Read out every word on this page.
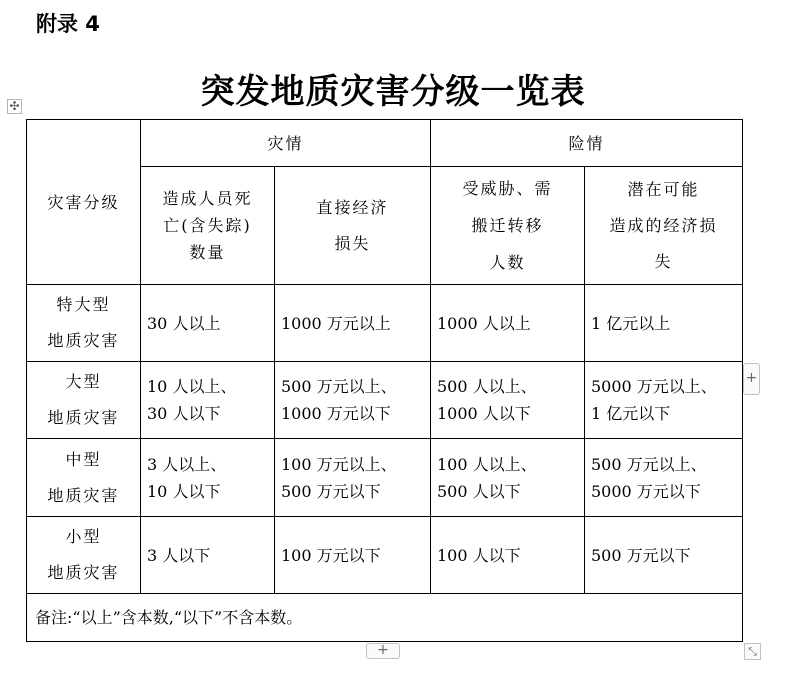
附录 4
突发地质灾害分级一览表
✣
灾害分级	灾情		险情	

	造成人员死
亡(含失踪)
数量	直接经济
损失	受威胁、需
搬迁转移
人数	潜在可能
造成的经济损
失

特大型
地质灾害	30 人以上	1000 万元以上	1000 人以上	1 亿元以上

大型
地质灾害	10 人以上、
30 人以下	500 万元以上、
1000 万元以下	500 人以上、
1000 人以下	5000 万元以上、
1 亿元以下

中型
地质灾害	3 人以上、
10 人以下	100 万元以上、
500 万元以下	100 人以上、
500 人以下	500 万元以上、
5000 万元以下

小型
地质灾害	3 人以下	100 万元以下	100 人以下	500 万元以下

备注:“以上”含本数,“以下”不含本数。				
+
+	⤡
